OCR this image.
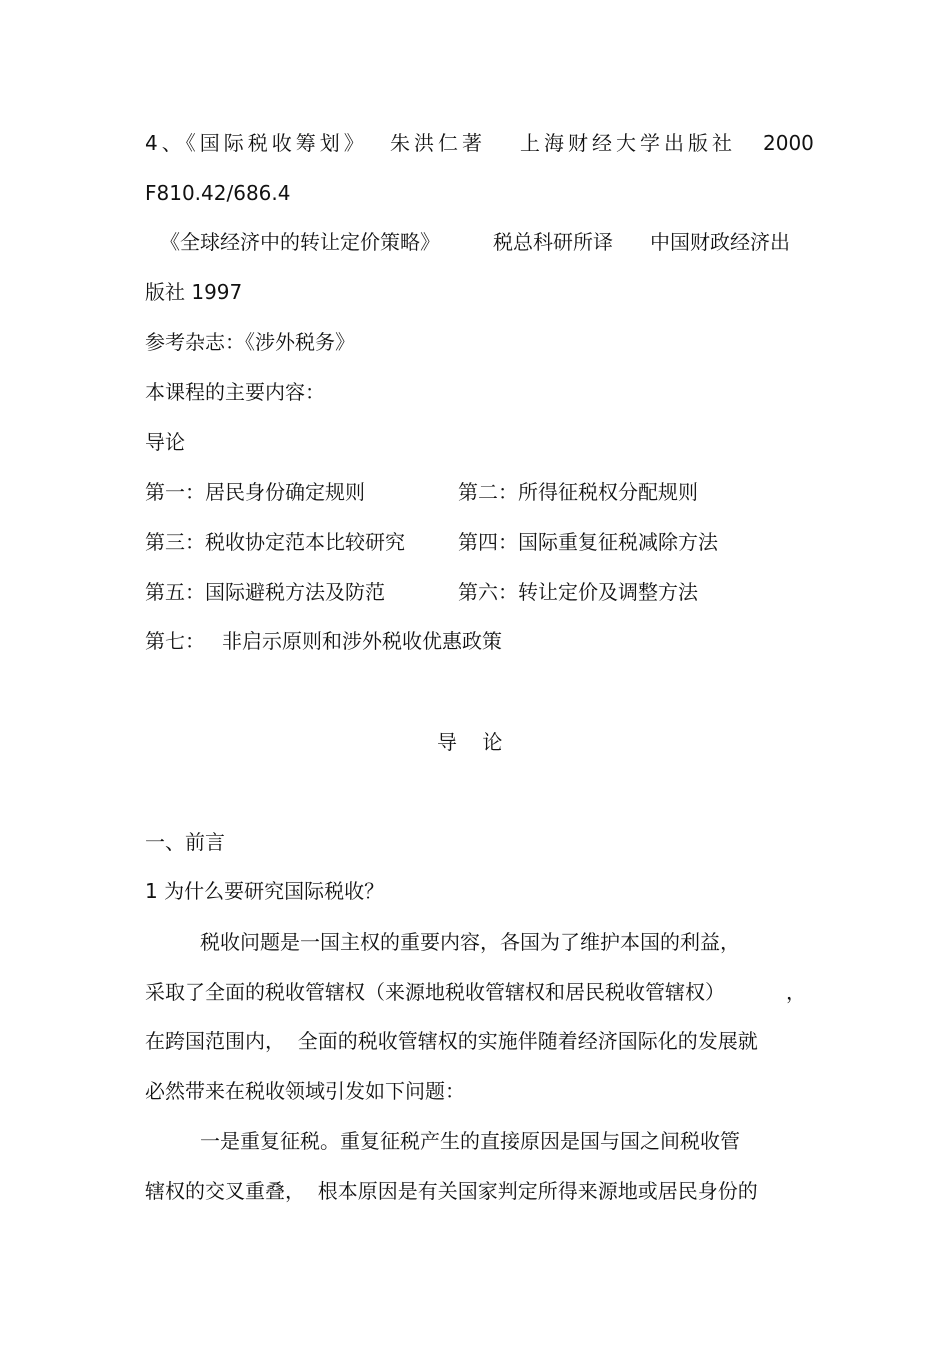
4、《国际税收筹划》 朱洪仁著 上海财经大学出版社 2000
F810.42/686.4
《全球经济中的转让定价策略》	税总科研所译 中国财政经济出
版社 1997
参考杂志：《涉外税务》
本课程的主要内容：
导论
第一：居民身份确定规则	第二：所得征税权分配规则
第三：税收协定范本比较研究	第四：国际重复征税减除方法
第五：国际避税方法及防范	第六：转让定价及调整方法
第七： 非启示原则和涉外税收优惠政策
导    论
一、前言
1 为什么要研究国际税收？
税收问题是一国主权的重要内容，各国为了维护本国的利益，
采取了全面的税收管辖权（来源地税收管辖权和居民税收管辖权）	，
在跨国范围内，  全面的税收管辖权的实施伴随着经济国际化的发展就
必然带来在税收领域引发如下问题：
一是重复征税。重复征税产生的直接原因是国与国之间税收管
辖权的交叉重叠，  根本原因是有关国家判定所得来源地或居民身份的
